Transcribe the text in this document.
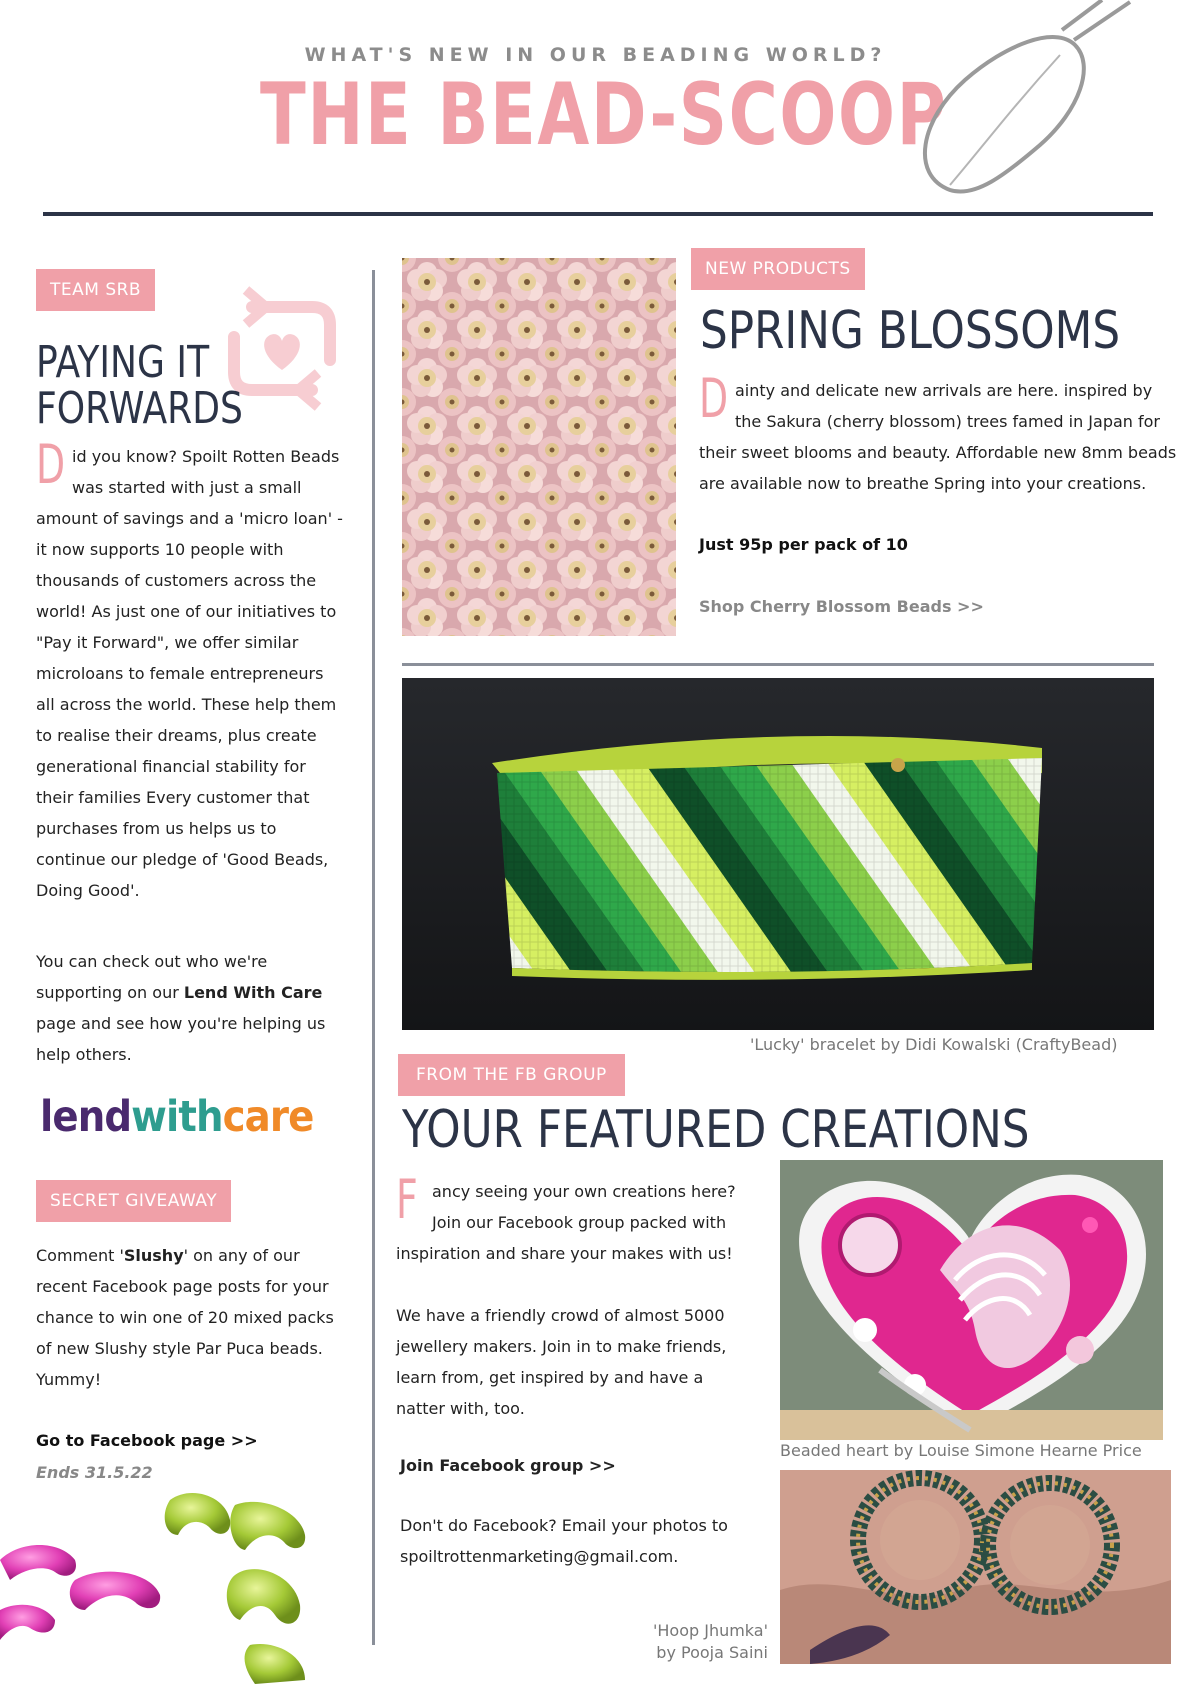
WHAT'S NEW IN OUR BEADING WORLD?
THE BEAD-SCOOP
TEAM SRB
PAYING IT
FORWARDS
D id you know? Spoilt Rotten Beads was started with just a small amount of savings and a 'micro loan' - it now supports 10 people with thousands of customers across the world! As just one of our initiatives to "Pay it Forward", we offer similar microloans to female entrepreneurs all across the world. These help them to realise their dreams, plus create generational financial stability for their families Every customer that purchases from us helps us to continue our pledge of 'Good Beads, Doing Good'.
You can check out who we're supporting on our Lend With Care page and see how you're helping us help others.
lendwithcare
SECRET GIVEAWAY
Comment 'Slushy' on any of our recent Facebook page posts for your chance to win one of 20 mixed packs of new Slushy style Par Puca beads. Yummy!
Go to Facebook page >>
Ends 31.5.22
NEW PRODUCTS
SPRING BLOSSOMS
D ainty and delicate new arrivals are here. inspired by the Sakura (cherry blossom) trees famed in Japan for their sweet blooms and beauty. Affordable new 8mm beads are available now to breathe Spring into your creations.
Just 95p per pack of 10
Shop Cherry Blossom Beads >>
'Lucky' bracelet by Didi Kowalski (CraftyBead)
FROM THE FB GROUP
YOUR FEATURED CREATIONS
F ancy seeing your own creations here? Join our Facebook group packed with inspiration and share your makes with us!
We have a friendly crowd of almost 5000 jewellery makers. Join in to make friends, learn from, get inspired by and have a natter with, too.
Join Facebook group >>
Don't do Facebook? Email your photos to spoiltrottenmarketing@gmail.com.
'Hoop Jhumka'
by Pooja Saini
Beaded heart by Louise Simone Hearne Price
